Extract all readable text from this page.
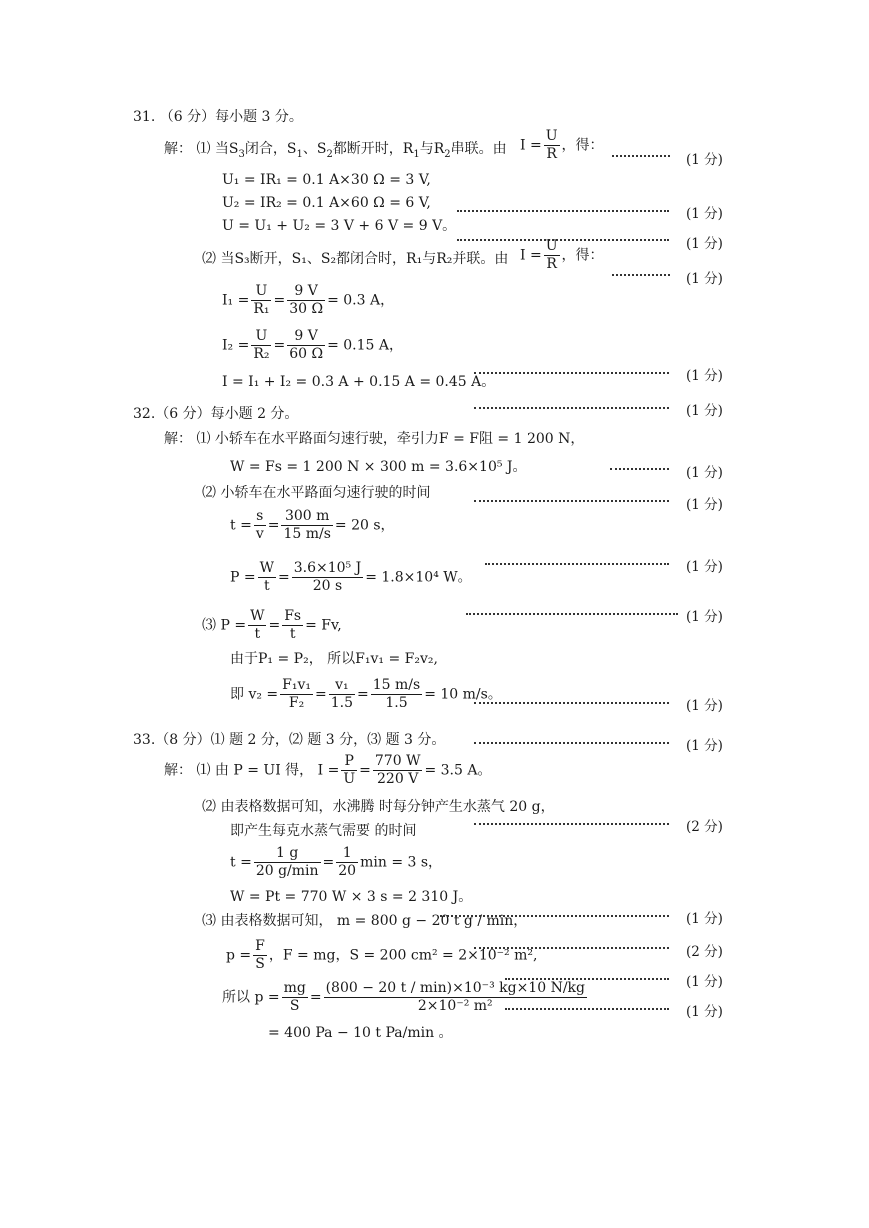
31. （6 分）每小题 3 分。
解： ⑴ 当$S_3$闭合，$S_1$、$S_2$都断开时，$R_1$与$R_2$串联。由 $I = \frac{U}{R}$ ，得：
(1 分)
U₁ = IR₁ = 0.1 A×30 Ω = 3 V,
U₂ = IR₂ = 0.1 A×60 Ω = 6 V,
(1 分)
U = U₁ + U₂ = 3 V + 6 V = 9 V。
(1 分)
⑵ 当S₃断开，S₁、S₂都闭合时，R₁与R₂并联。由 $I = \frac{U}{R}$ ，得：
(1 分)
$I_1 = \frac{U}{\text{R₁}} = \frac{9 V}{30 \Omega} = 0.3$ A，
$I_2 = \frac{U}{\text{R₂}} = \frac{9 V}{60 \Omega} = 0.15$ A，
I = I₁ + I₂ = 0.3 A + 0.15 A = 0.45 A。	(1 分)
(1 分)
32.（6 分）每小题 2 分。
解： ⑴ 小轿车在水平路面匀速行驶，牵引力F = F阻 = 1 200 N，
W = Fs = 1 200 N × 300 m = 3.6×10⁵ J。	(1 分)
⑵ 小轿车在水平路面匀速行驶的时间
(1 分)
$t = \frac{s}{v} = \frac{300 m}{15 m/s} = 20$ s，
(1 分)
$P = \frac{W}{t} = \frac{\text{3.6×10⁵ J}}{20 s} = 1.8\times 10^4$ W。
⑶ $P = \frac{W}{t} = \frac{Fs}{t} = Fv$,
(1 分)
由于P₁ = P₂， 所以F₁v₁ = F₂v₂,
即 $v_2 = \frac{\text{F₁v₁}}{\text{F₂}} = \frac{\text{v₁}}{1.5} = \frac{15 m/s}{1.5} = 10$ m/s。
(1 分)
33.（8 分）⑴ 题 2 分，⑵ 题 3 分，⑶ 题 3 分。	(1 分)
解： ⑴ 由 P = UI 得， $I = \frac{P}{U} = \frac{770 W}{220 V} = 3.5$ A。
⑵ 由表格数据可知，水沸腾 时每分钟产生水蒸气 20 g，
即产生每克水蒸气需要 的时间	(2 分)
$t = \frac{1 g}{20 g/\min} = \frac{1}{20}$ min = 3 s，
W = Pt = 770 W × 3 s = 2 310 J。
⑶ 由表格数据可知， m = 800 g − 20 t g / min，	(1 分)
$p = \frac{F}{S}$ ，F = mg，S = 200 cm² = 2×10⁻² m²,	(2 分)
(1 分)
所以 $p = \frac{mg}{S} = \frac{\text{(800 − 20 t / min)×10⁻³ kg×10 N/kg}}{\text{2×10⁻² m²}}$	(1 分)
= 400 Pa − 10 t Pa/min 。
